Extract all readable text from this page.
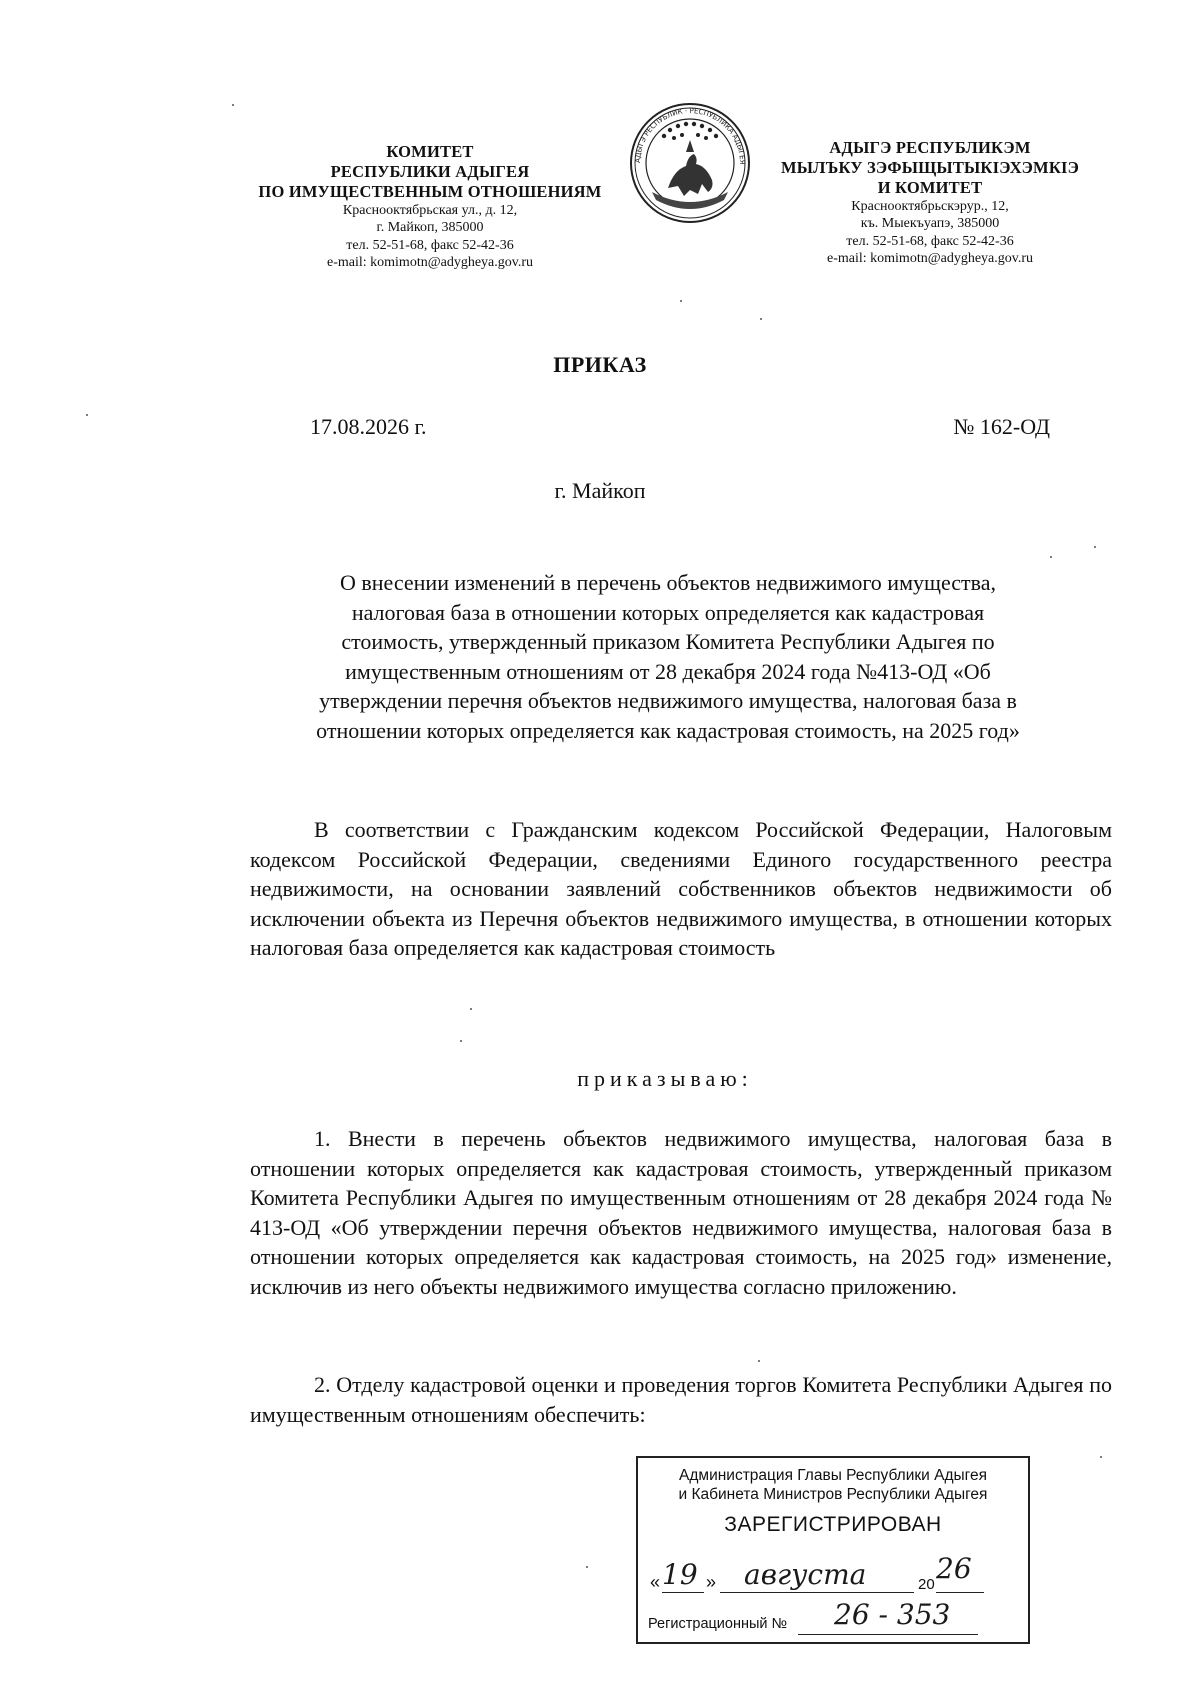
КОМИТЕТ
РЕСПУБЛИКИ АДЫГЕЯ
ПО ИМУЩЕСТВЕННЫМ ОТНОШЕНИЯМ
Краснооктябрьская ул., д. 12,
г. Майкоп, 385000
тел. 52-51-68, факс 52-42-36
e-mail: komimotn@adygheya.gov.ru
АДЫГЭ РЕСПУБЛИК · РЕСПУБЛИКА АДЫГЕЯ
АДЫГЭ РЕСПУБЛИКЭМ
МЫЛЪКУ ЗЭФЫЩЫТЫКІЭХЭМКІЭ
И КОМИТЕТ
Краснооктябрьскэрур., 12,
къ. Мыекъуапэ, 385000
тел. 52-51-68, факс 52-42-36
e-mail: komimotn@adygheya.gov.ru
ПРИКАЗ
17.08.2026 г.	№ 162-ОД
г. Майкоп
О внесении изменений в перечень объектов недвижимого имущества,
налоговая база в отношении которых определяется как кадастровая
стоимость, утвержденный приказом Комитета Республики Адыгея по
имущественным отношениям от 28 декабря 2024 года №413-ОД «Об
утверждении перечня объектов недвижимого имущества, налоговая база в
отношении которых определяется как кадастровая стоимость, на 2025 год»
В соответствии с Гражданским кодексом Российской Федерации, Налоговым кодексом Российской Федерации, сведениями Единого государственного реестра недвижимости, на основании заявлений собственников объектов недвижимости об исключении объекта из Перечня объектов недвижимого имущества, в отношении которых налоговая база определяется как кадастровая стоимость
приказываю:
1. Внести в перечень объектов недвижимого имущества, налоговая база в отношении которых определяется как кадастровая стоимость, утвержденный приказом Комитета Республики Адыгея по имущественным отношениям от 28 декабря 2024 года № 413-ОД «Об утверждении перечня объектов недвижимого имущества, налоговая база в отношении которых определяется как кадастровая стоимость, на 2025 год» изменение, исключив из него объекты недвижимого имущества согласно приложению.
2. Отделу кадастровой оценки и проведения торгов Комитета Республики Адыгея по имущественным отношениям обеспечить:
Администрация Главы Республики Адыгея
и Кабинета Министров Республики Адыгея
ЗАРЕГИСТРИРОВАН
« 19 » августа	20 26
Регистрационный № 26 - 353
